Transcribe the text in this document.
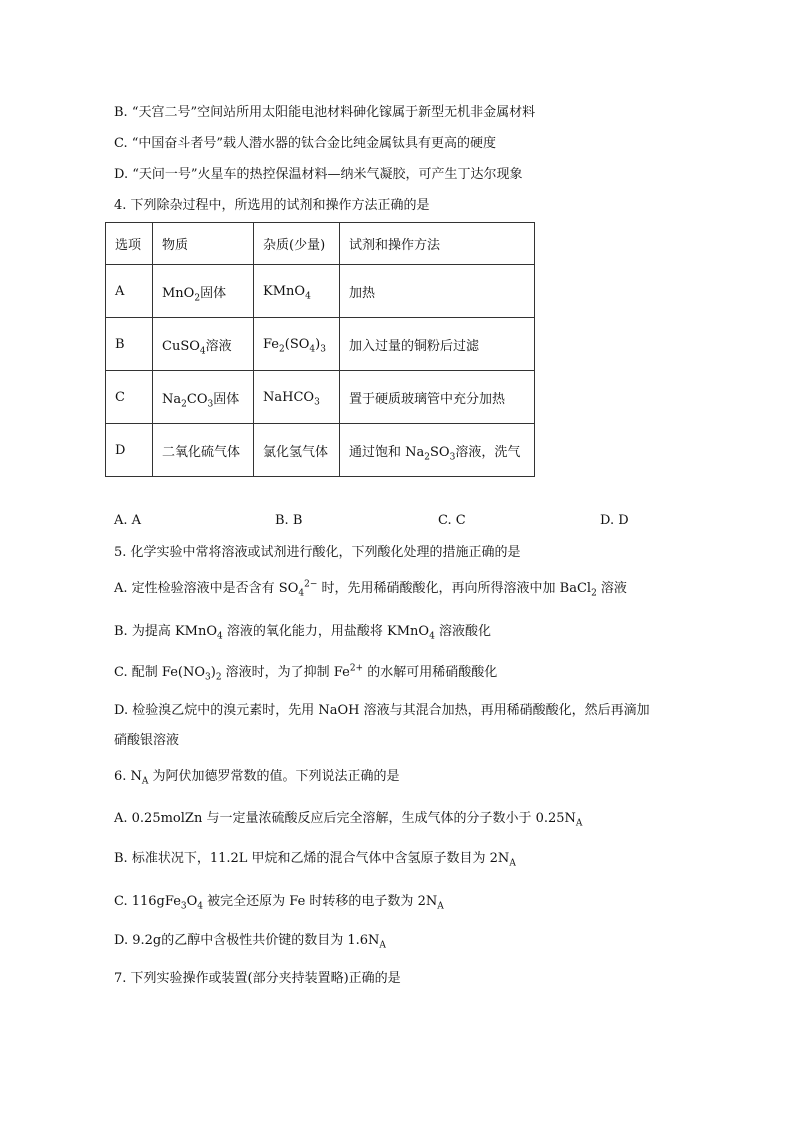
B. “天宫二号”空间站所用太阳能电池材料砷化镓属于新型无机非金属材料
C. “中国奋斗者号”载人潜水器的钛合金比纯金属钛具有更高的硬度
D. “天问一号”火星车的热控保温材料—纳米气凝胶，可产生丁达尔现象
4. 下列除杂过程中，所选用的试剂和操作方法正确的是
选项	物质	杂质(少量)	试剂和操作方法
A	MnO$_2$固体	KMnO$_4$	加热
B	CuSO$_4$溶液	$Fe_2(SO_4)_3$	加入过量的铜粉后过滤
C	$Na_2CO_3$固体	NaHCO$_3$	置于硬质玻璃管中充分加热
D	二氧化硫气体	氯化氢气体	通过饱和 $Na_2SO_3$溶液，洗气
A. A	B. B	C. C	D. D
5. 化学实验中常将溶液或试剂进行酸化，下列酸化处理的措施正确的是
A. 定性检验溶液中是否含有 $SO_4^{2-}$ 时，先用稀硝酸酸化，再向所得溶液中加 BaCl$_2$ 溶液
B. 为提高 KMnO$_4$ 溶液的氧化能力，用盐酸将 KMnO$_4$ 溶液酸化
C. 配制 $Fe(NO_3)_2$ 溶液时，为了抑制 $Fe^{2+}$ 的水解可用稀硝酸酸化
D. 检验溴乙烷中的溴元素时，先用 NaOH 溶液与其混合加热，再用稀硝酸酸化，然后再滴加
硝酸银溶液
6. $N_A$ 为阿伏加德罗常数的值。下列说法正确的是
A. 0.25molZn 与一定量浓硫酸反应后完全溶解，生成气体的分子数小于 $0.25N_A$
B. 标准状况下，11.2L 甲烷和乙烯的混合气体中含氢原子数目为 $2N_A$
C. $116gFe_3O_4$ 被完全还原为 Fe 时转移的电子数为 $2N_A$
D. 9.2g的乙醇中含极性共价键的数目为 $1.6N_A$
7. 下列实验操作或装置(部分夹持装置略)正确的是
